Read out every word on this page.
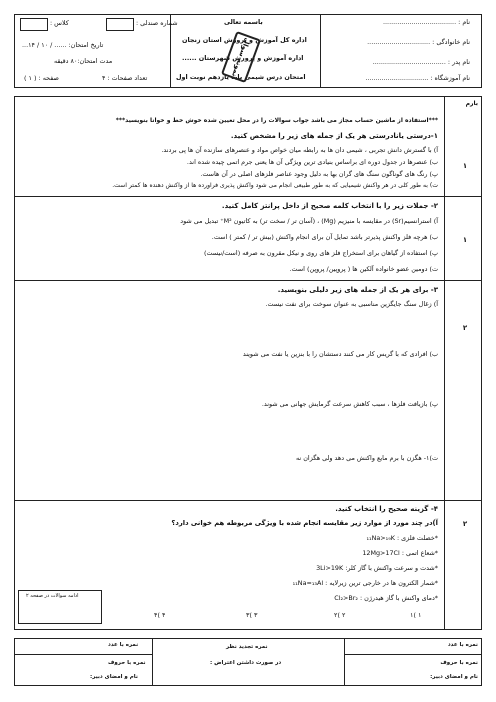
نام : ....................................
نام خانوادگی : ...............................
نام پدر : ....................................
نام آموزشگاه : ...............................
باسمه تعالی
اداره کل آموزش و پرورش استان زنجان
اداره آموزش و پرورش شهرستان ......
امتحان درس شیمی پایه یازدهم نوبت اول
نمونه سوال
شماره صندلی :
کلاس :
تاریخ امتحان: ...... / ۱۰ / ۱۴...
مدت امتحان:۸۰ دقیقه
تعداد صفحات : ۴
صفحه : ( ۱ )
بارم
***استفاده از ماشین حساب مجاز می باشد جواب سوالات را در محل تعیین شده خوش خط و خوانا بنویسید***
۱-درستی یانادرستی هر یک از جمله های زیر را مشخص کنید.
آ) با گسترش دانش تجربی ، شیمی دان ها به رابطه میان خواص مواد و عنصرهای سازنده آن ها پی بردند.
ب) عنصرها در جدول دوره ای براساس بنیادی ترین ویژگی آن ها یعنی جرم اتمی چیده شده اند.
پ) رنگ های گوناگون سنگ های گران بها به دلیل وجود عناصر فلزهای اصلی در آن هاست.
ت) به طور کلی در هر واکنش شیمیایی که به طور طبیعی انجام می شود واکنش پذیری فراورده ها از واکنش دهنده ها کمتر است.
۱
۲- جملات زیر را با انتخاب کلمه صحیح از داخل پرانتز کامل کنید.
آ) استرانسیم(Sr) در مقایسه با منیزیم (Mg) ، (آسان تر / سخت تر) به کاتیون M²⁺ تبدیل می شود
ب) هرچه فلز واکنش پذیرتر باشد تمایل آن برای انجام واکنش (بیش تر / کمتر ) است.
پ) استفاده از گیاهان برای استخراج فلز های روی و نیکل مقرون به صرفه (است/نیست)
ت) دومین عضو خانواده آلکین ها ( پروپین/ پروپن) است.
۱
۳- برای هر یک از جمله های زیر دلیلی بنویسید.
آ) زغال سنگ جایگزین مناسبی به عنوان سوخت برای نفت نیست.
ب) افرادی که با گریس کار می کنند دستشان را با بنزین یا نفت می شویند
پ) بازیافت فلزها ، سبب کاهش سرعت گرمایش جهانی می شوند.
ت)۱- هگزن با برم مایع واکنش می دهد ولی هگزان نه
۲
۴- گزینه صحیح را انتخاب کنید.
آ)در چند مورد از موارد زیر مقایسه انجام شده با ویژگی مربوطه هم خوانی دارد؟
*خصلت فلزی : ₁₁Na>₁₉K
*شعاع اتمی : 12Mg>17Cl
*شدت و سرعت واکنش با گاز کلر: 3Li>19K
*شمار الکترون ها در خارجی ترین زیرلایه : ₁₁Na=₁₃Al
*دمای واکنش با گاز هیدرژن : Cl₂>Br₂
۱ )۱
۲ )۲
۳ )۳
۴ )۴
۲
ادامه سوالات در صفحه ۲
نمره با عدد
نمره با حروف
نمره با عدد
نمره با حروف
نمره تجدید نظر
در صورت داشتن اعتراض :
نام و امضای دبیر:
نام و امضای دبیر:
